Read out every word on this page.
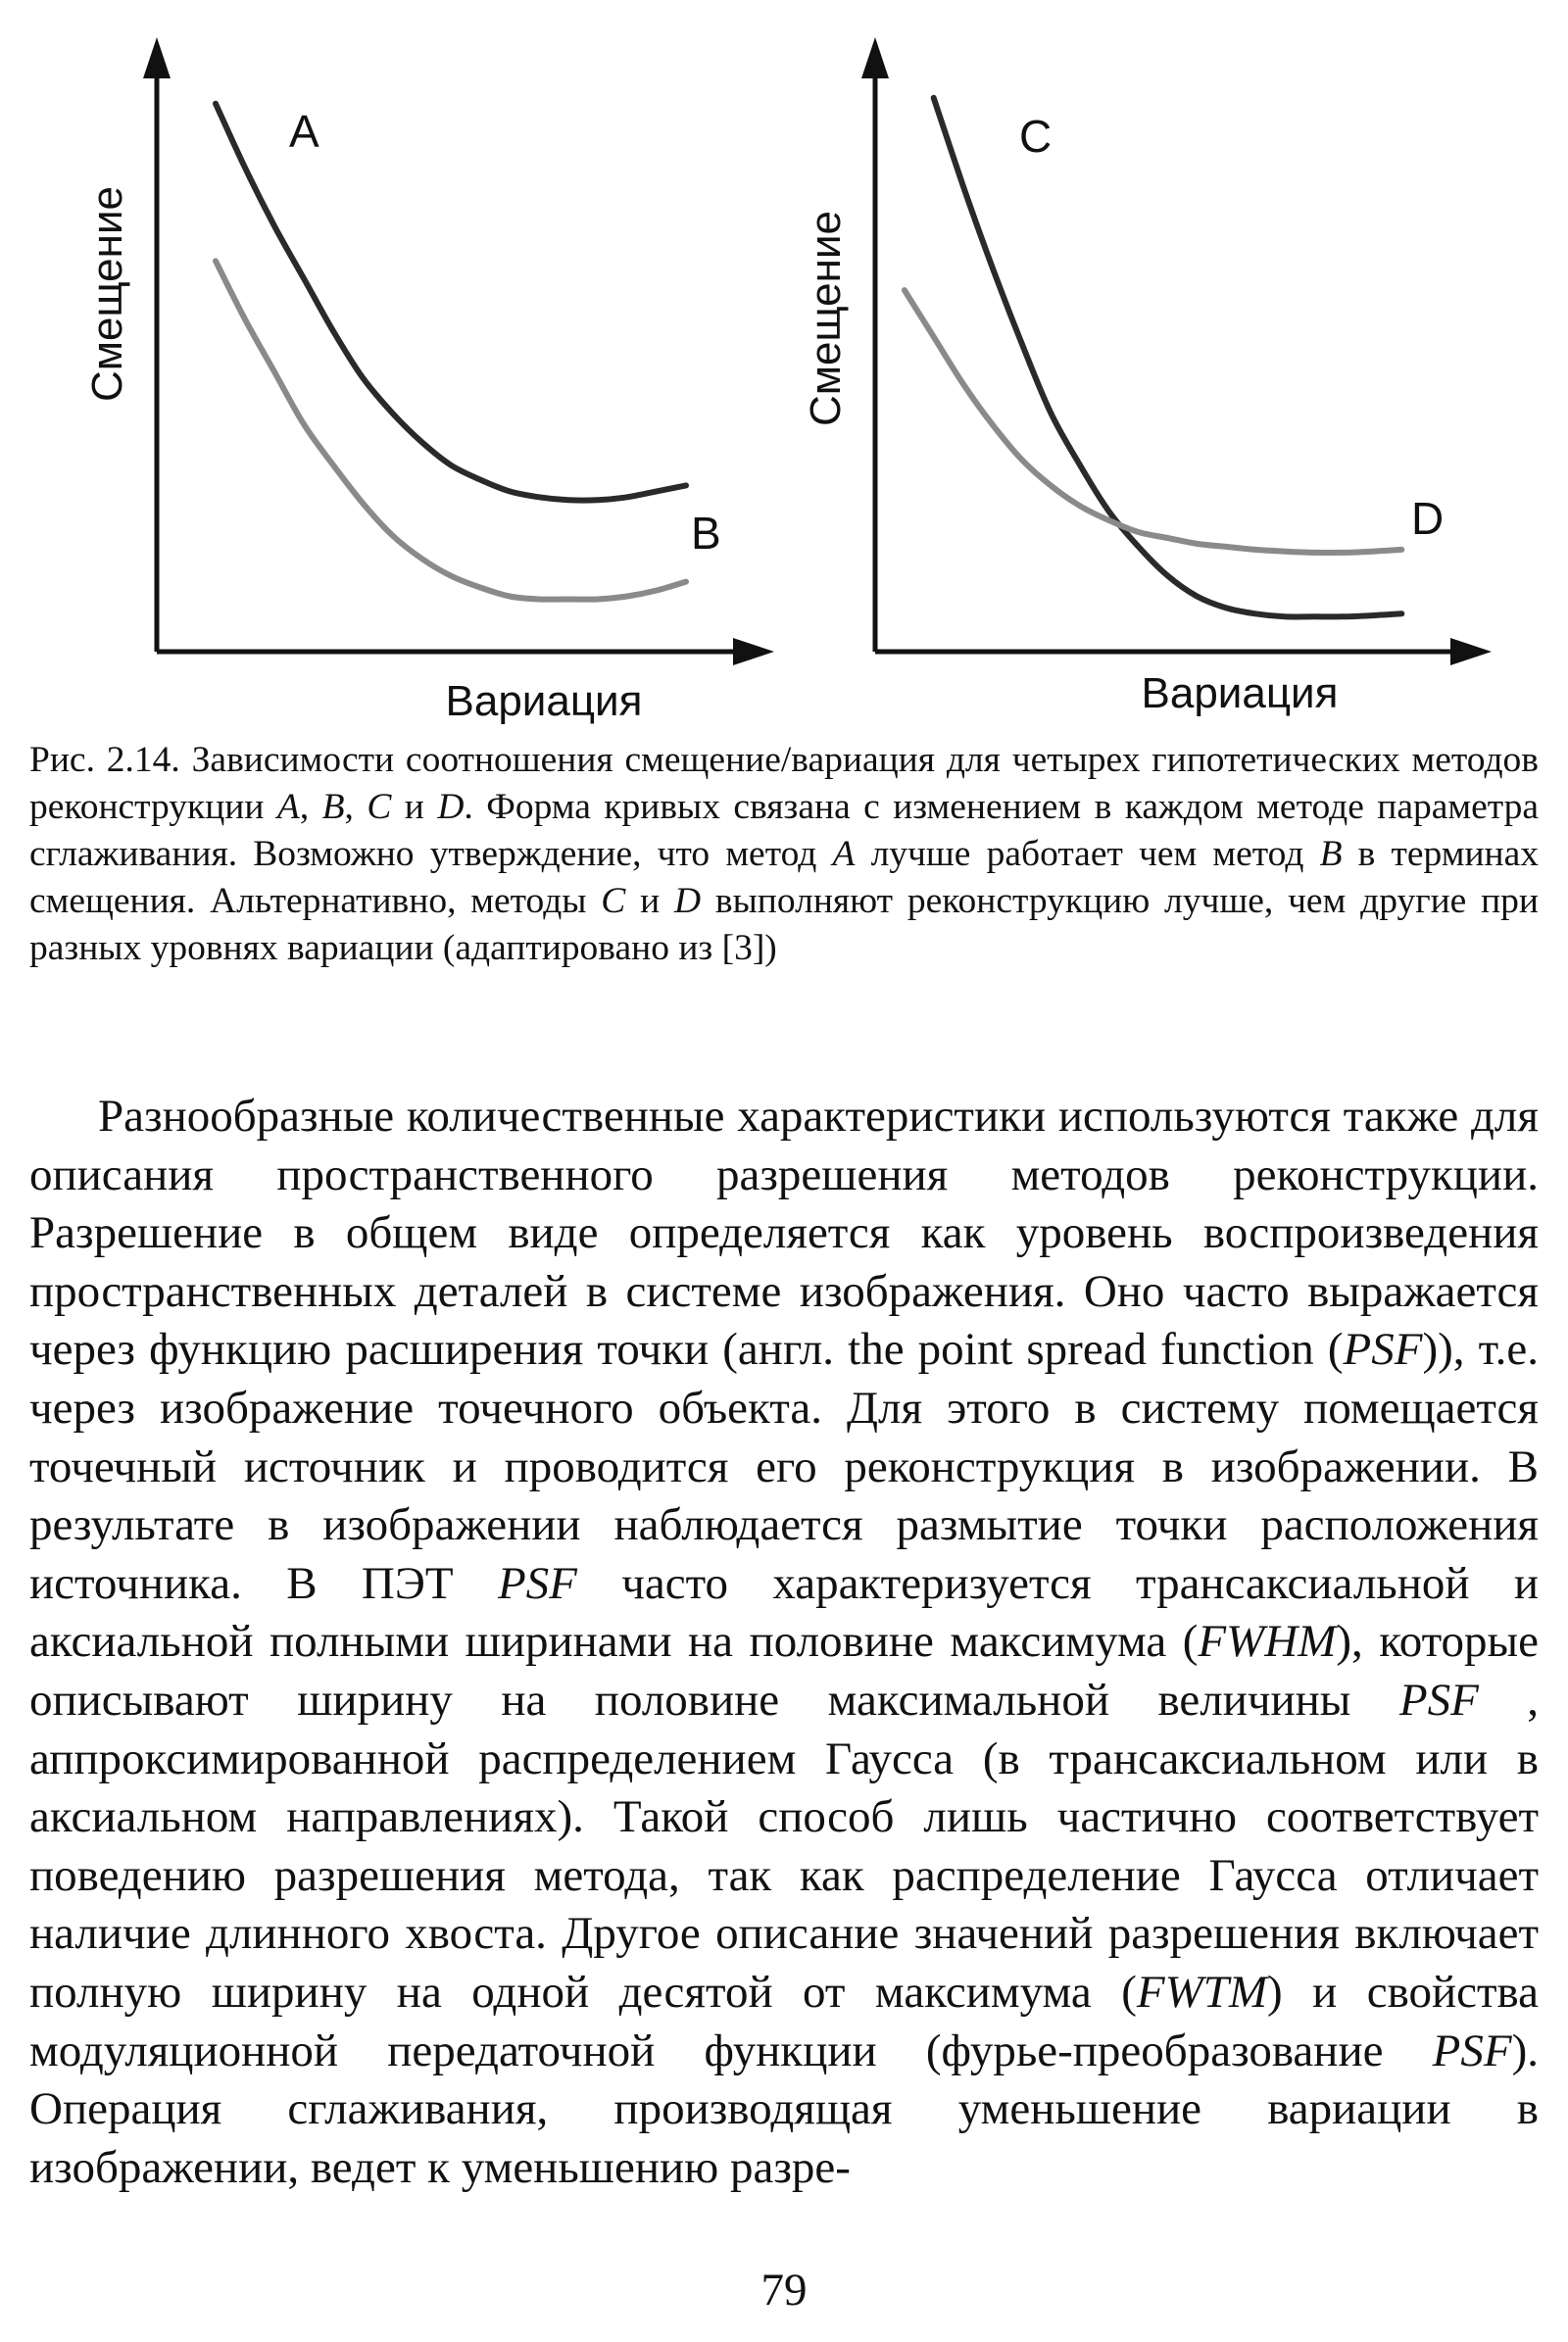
Смещение
Вариация
A
B
Смещение
Вариация
C
D

Рис. 2.14. Зависимости соотношения смещение/вариация для четырех гипотетических методов реконструкции A, B, C и D. Форма кривых связана с изменением в каждом методе параметра сглаживания. Возможно утверждение, что метод A лучше работает чем метод B в терминах смещения. Альтернативно, методы C и D выполняют реконструкцию лучше, чем другие при разных уровнях вариации (адаптировано из [3])

Разнообразные количественные характеристики используются также для описания пространственного разрешения методов реконструкции. Разрешение в общем виде определяется как уровень воспроизведения пространственных деталей в системе изображения. Оно часто выражается через функцию расширения точки (англ. the point spread function (PSF)), т.е. через изображение точечного объекта. Для этого в систему помещается точечный источник и проводится его реконструкция в изображении. В результате в изображении наблюдается размытие точки расположения источника. В ПЭТ PSF часто характеризуется трансаксиальной и аксиальной полными ширинами на половине максимума (FWHM), которые описывают ширину на половине максимальной величины PSF , аппроксимированной распределением Гаусса (в трансаксиальном или в аксиальном направлениях). Такой способ лишь частично соответствует поведению разрешения метода, так как распределение Гаусса отличает наличие длинного хвоста. Другое описание значений разрешения включает полную ширину на одной десятой от максимума (FWTM) и свойства модуляционной передаточной функции (фурье-преобразование PSF). Операция сглаживания, производящая уменьшение вариации в изображении, ведет к уменьшению разре-

79
